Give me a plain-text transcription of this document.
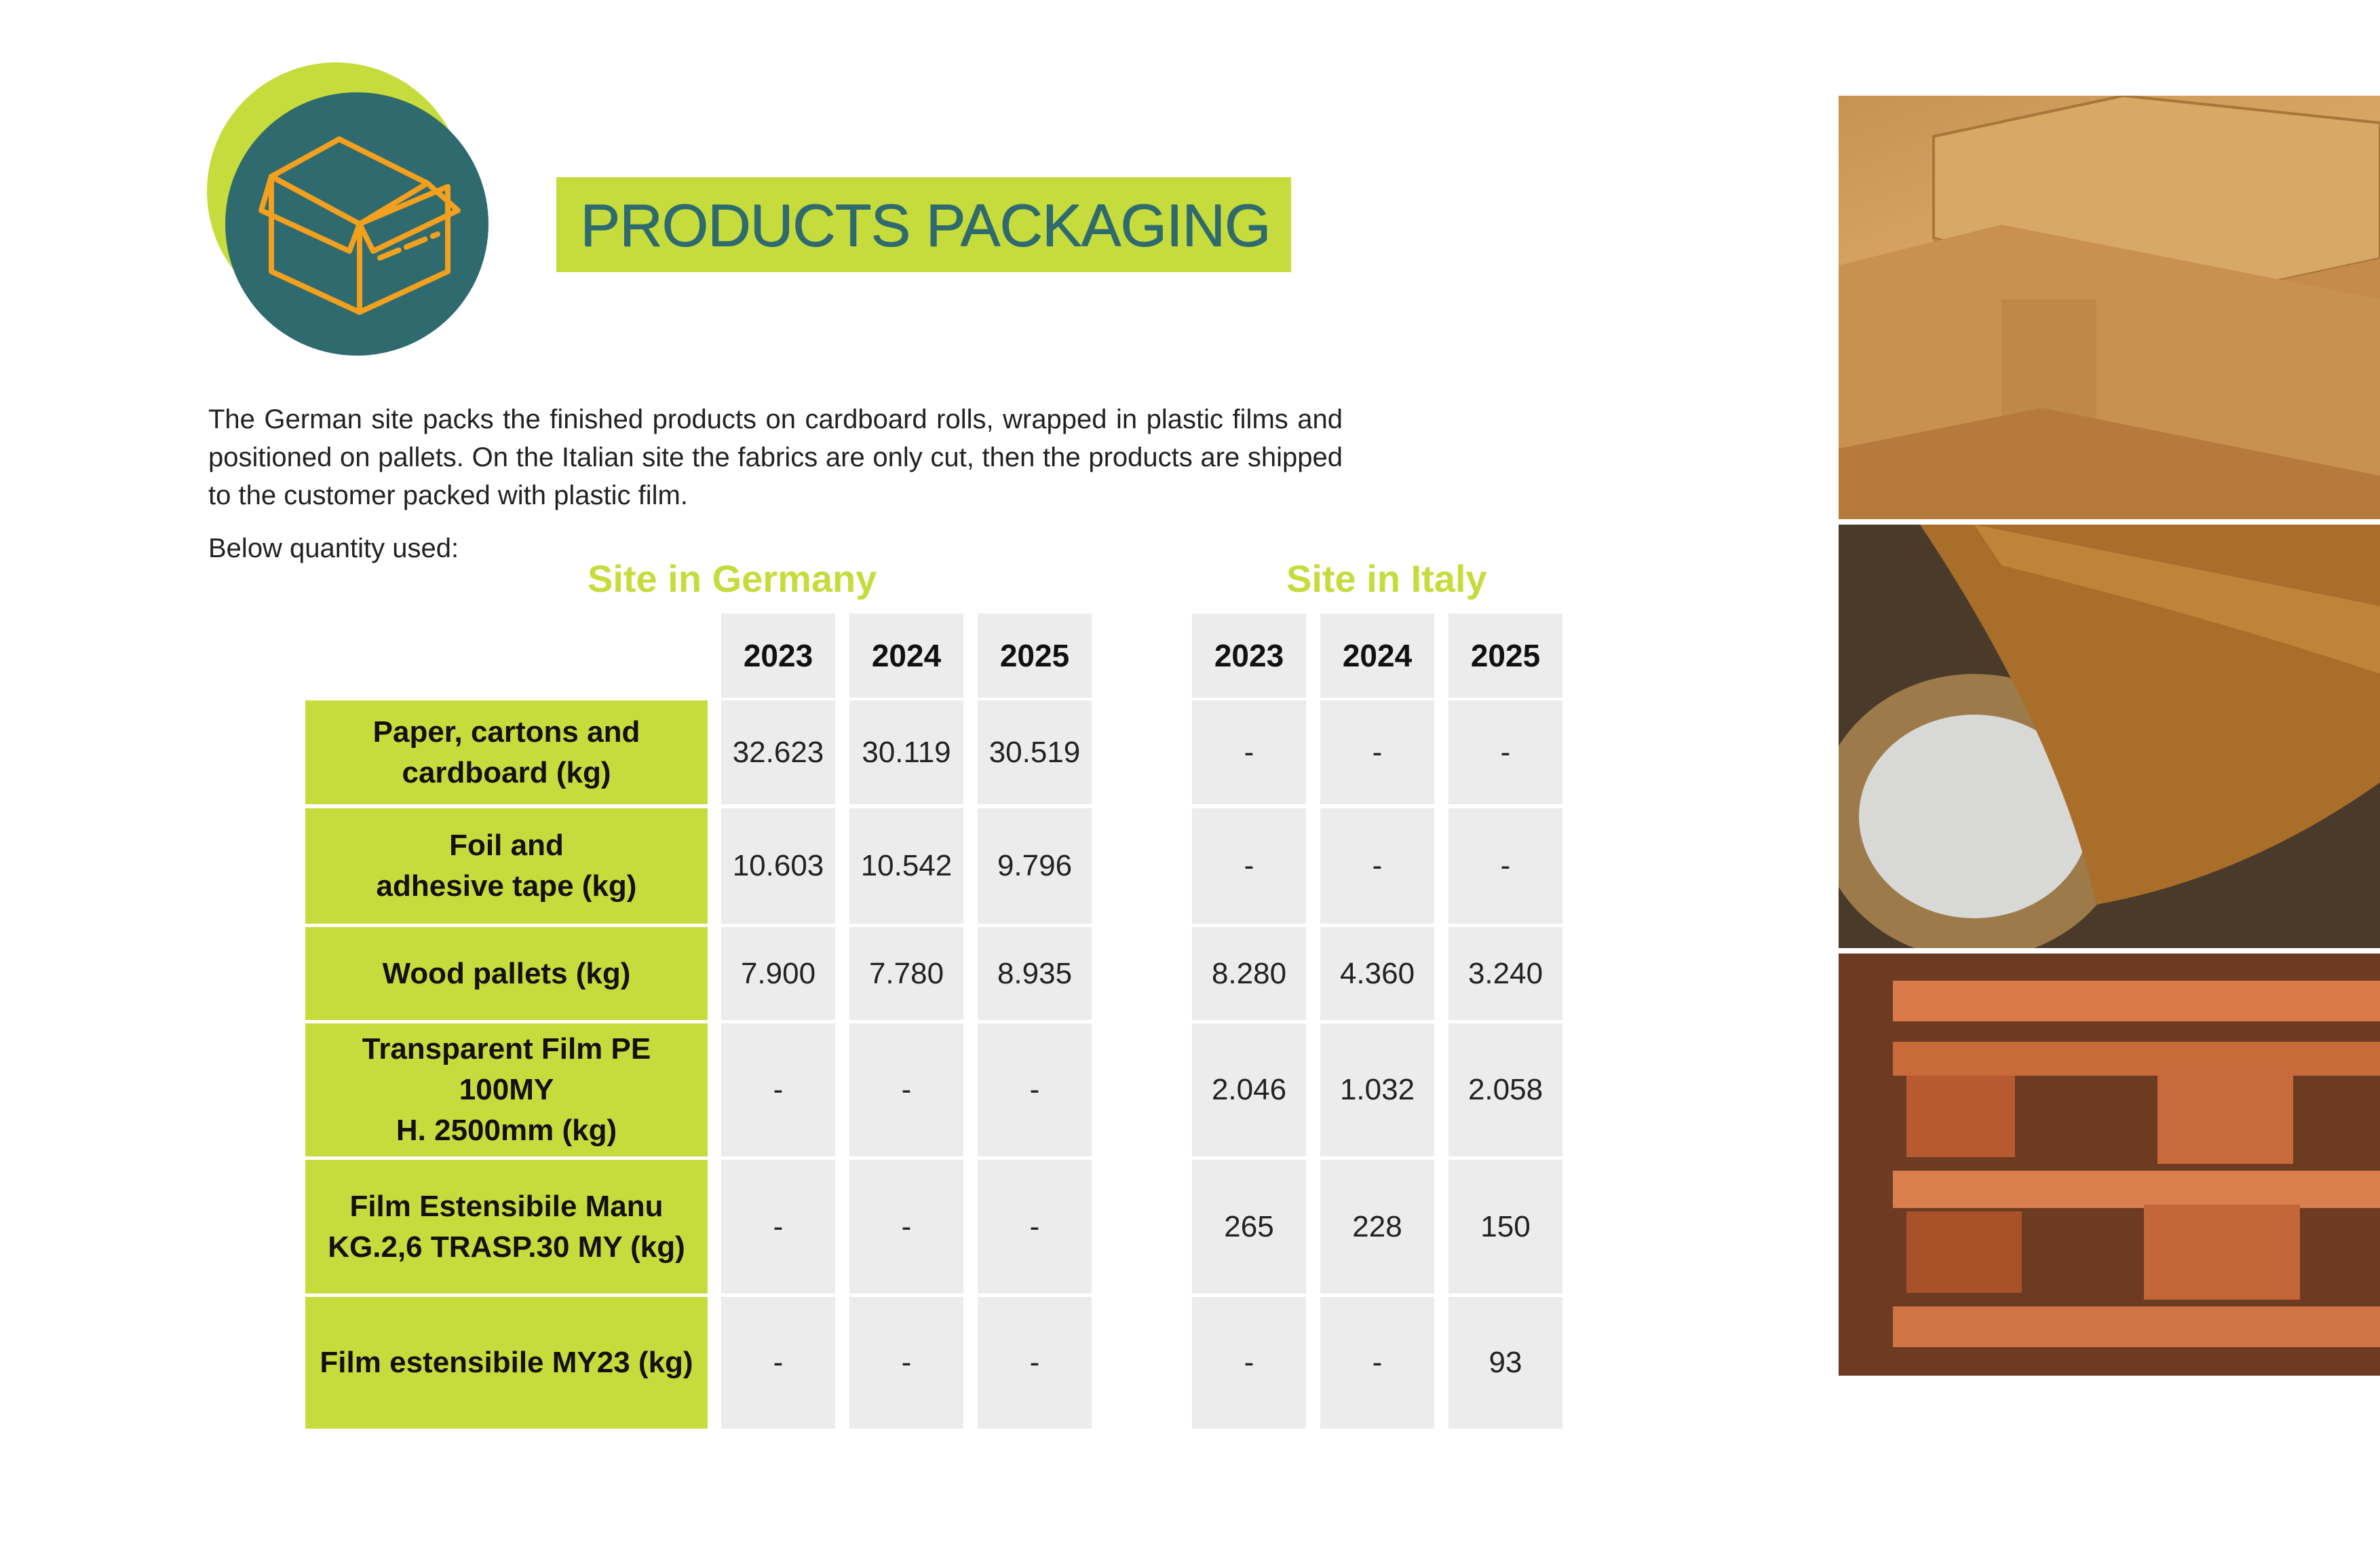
PRODUCTS PACKAGING
The German site packs the finished products on cardboard rolls, wrapped in plastic films and positioned on pallets. On the Italian site the fabrics are only cut, then the products are shipped to the customer packed with plastic film.
Below quantity used:
Site in Germany	Site in Italy
2023	2024	2025	2023	2024	2025
Paper, cartons and
cardboard (kg)
32.623	30.119	30.519	-	-	-
Foil and
adhesive tape (kg)
10.603	10.542	9.796	-	-	-
Wood pallets (kg)	7.900	7.780	8.935	8.280	4.360	3.240
Transparent Film PE 100MY
H. 2500mm (kg)
-	-	-	2.046	1.032	2.058
Film Estensibile Manu
KG.2,6 TRASP.30 MY (kg)
-	-	-	265	228	150
Film estensibile MY23 (kg)	-	-	-	-	-	93
